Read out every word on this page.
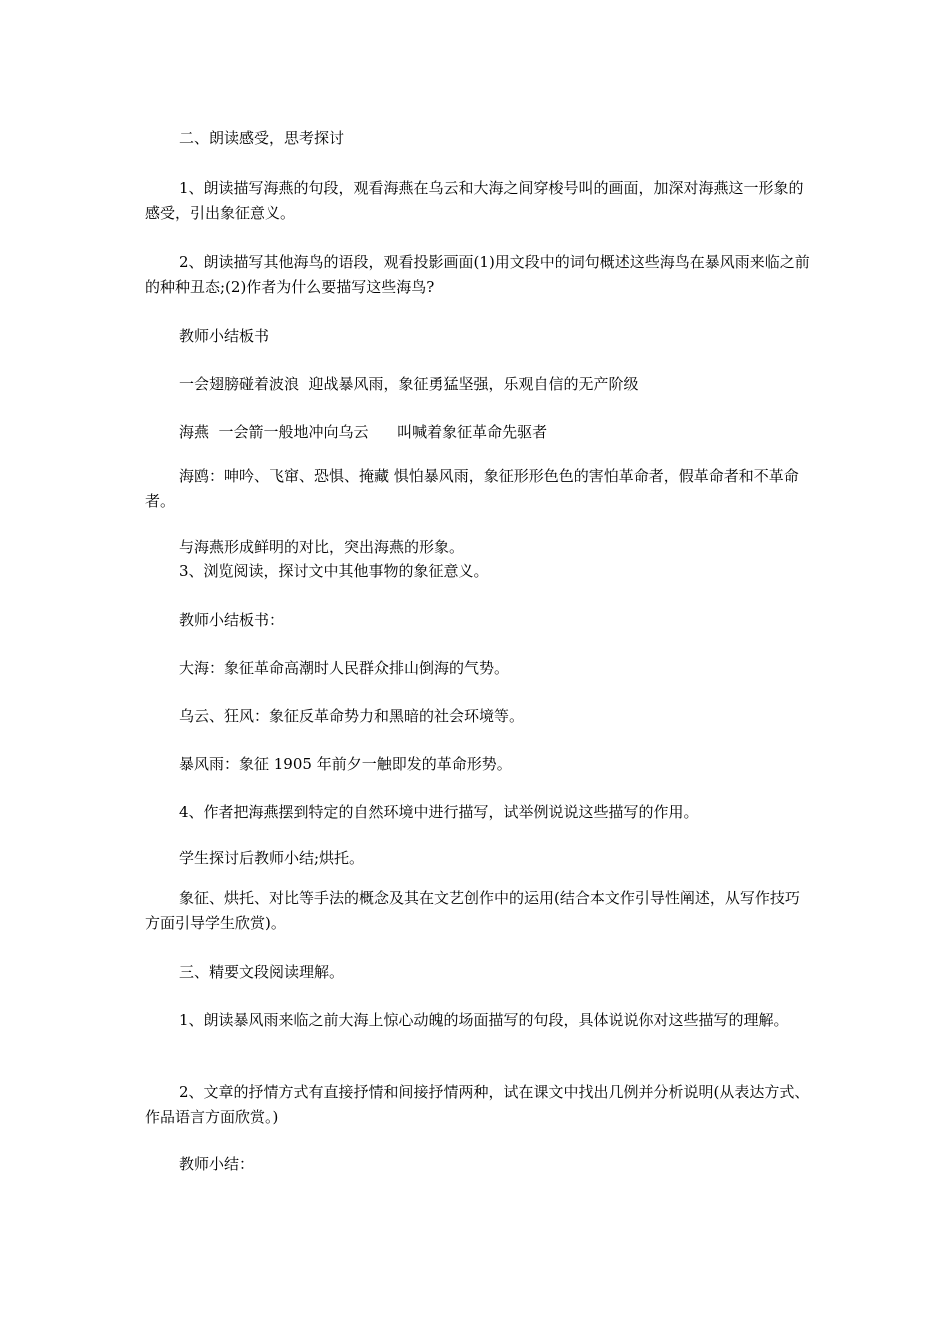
二、朗读感受，思考探讨

1、朗读描写海燕的句段，观看海燕在乌云和大海之间穿梭号叫的画面，加深对海燕这一形象的感受，引出象征意义。

2、朗读描写其他海鸟的语段，观看投影画面(1)用文段中的词句概述这些海鸟在暴风雨来临之前的种种丑态;(2)作者为什么要描写这些海鸟?

教师小结板书

一会翅膀碰着波浪  迎战暴风雨，象征勇猛坚强，乐观自信的无产阶级

海燕  一会箭一般地冲向乌云      叫喊着象征革命先驱者

海鸥：呻吟、飞窜、恐惧、掩藏 惧怕暴风雨，象征形形色色的害怕革命者，假革命者和不革命者。

与海燕形成鲜明的对比，突出海燕的形象。

3、浏览阅读，探讨文中其他事物的象征意义。

教师小结板书：

大海：象征革命高潮时人民群众排山倒海的气势。

乌云、狂风：象征反革命势力和黑暗的社会环境等。

暴风雨：象征 1905 年前夕一触即发的革命形势。

4、作者把海燕摆到特定的自然环境中进行描写，试举例说说这些描写的作用。

学生探讨后教师小结;烘托。

象征、烘托、对比等手法的概念及其在文艺创作中的运用(结合本文作引导性阐述，从写作技巧方面引导学生欣赏)。

三、精要文段阅读理解。

1、朗读暴风雨来临之前大海上惊心动魄的场面描写的句段，具体说说你对这些描写的理解。

2、文章的抒情方式有直接抒情和间接抒情两种，试在课文中找出几例并分析说明(从表达方式、作品语言方面欣赏。)

教师小结：
